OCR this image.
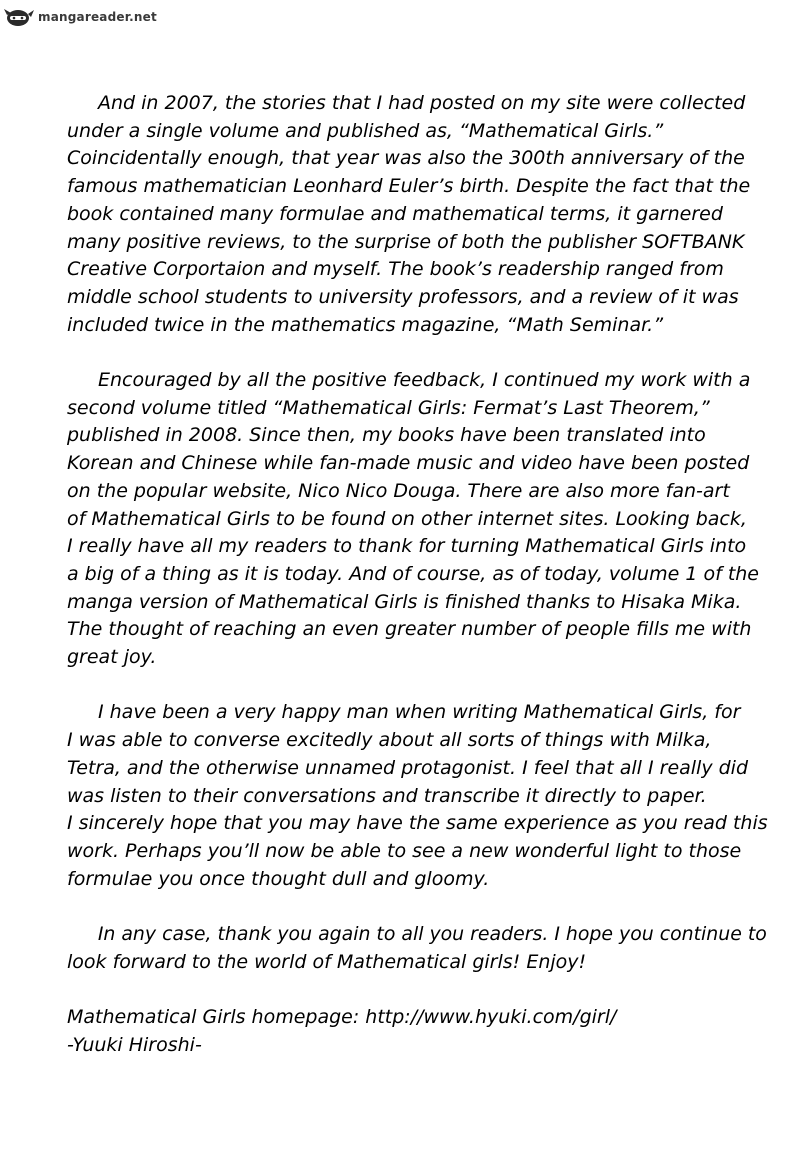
mangareader.net

And in 2007, the stories that I had posted on my site were collected
under a single volume and published as, “Mathematical Girls.”
Coincidentally enough, that year was also the 300th anniversary of the
famous mathematician Leonhard Euler’s birth. Despite the fact that the
book contained many formulae and mathematical terms, it garnered
many positive reviews, to the surprise of both the publisher SOFTBANK
Creative Corportaion and myself. The book’s readership ranged from
middle school students to university professors, and a review of it was
included twice in the mathematics magazine, “Math Seminar.”

Encouraged by all the positive feedback, I continued my work with a
second volume titled “Mathematical Girls: Fermat’s Last Theorem,”
published in 2008. Since then, my books have been translated into
Korean and Chinese while fan-made music and video have been posted
on the popular website, Nico Nico Douga. There are also more fan-art
of Mathematical Girls to be found on other internet sites. Looking back,
I really have all my readers to thank for turning Mathematical Girls into
a big of a thing as it is today. And of course, as of today, volume 1 of the
manga version of Mathematical Girls is finished thanks to Hisaka Mika.
The thought of reaching an even greater number of people fills me with
great joy.

I have been a very happy man when writing Mathematical Girls, for
I was able to converse excitedly about all sorts of things with Milka,
Tetra, and the otherwise unnamed protagonist. I feel that all I really did
was listen to their conversations and transcribe it directly to paper.
I sincerely hope that you may have the same experience as you read this
work. Perhaps you’ll now be able to see a new wonderful light to those
formulae you once thought dull and gloomy.

In any case, thank you again to all you readers. I hope you continue to
look forward to the world of Mathematical girls! Enjoy!

Mathematical Girls homepage: http://www.hyuki.com/girl/
-Yuuki Hiroshi-
